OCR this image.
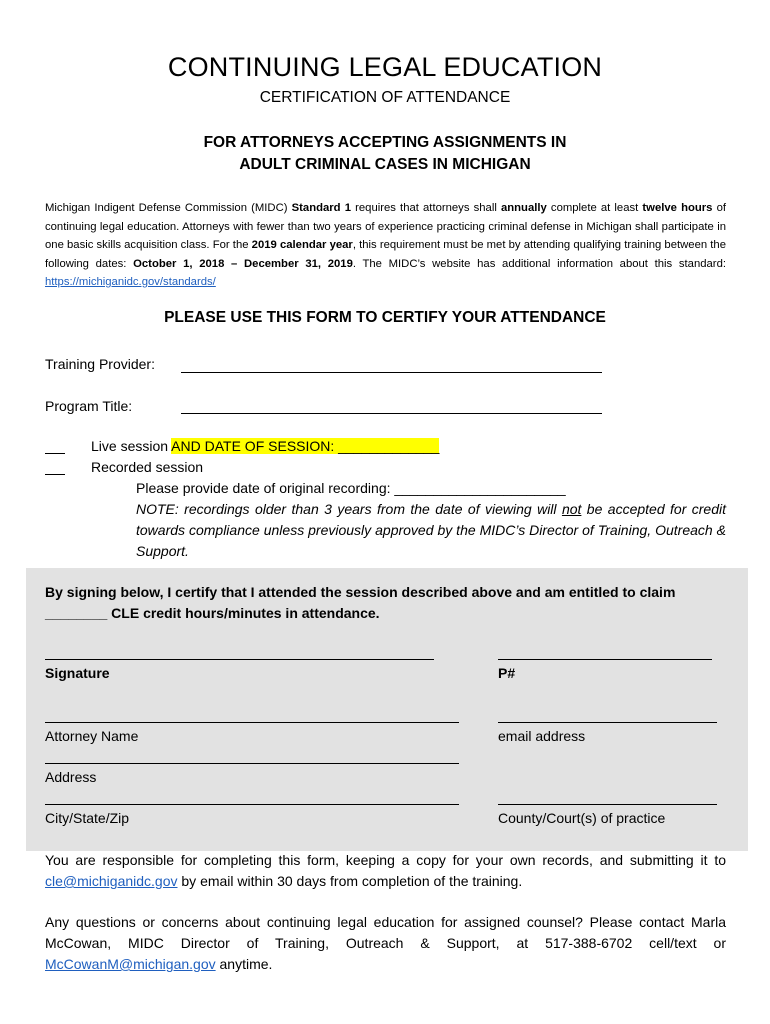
CONTINUING LEGAL EDUCATION
CERTIFICATION OF ATTENDANCE
FOR ATTORNEYS ACCEPTING ASSIGNMENTS IN
ADULT CRIMINAL CASES IN MICHIGAN
Michigan Indigent Defense Commission (MIDC) Standard 1 requires that attorneys shall annually complete at least twelve hours of continuing legal education. Attorneys with fewer than two years of experience practicing criminal defense in Michigan shall participate in one basic skills acquisition class. For the 2019 calendar year, this requirement must be met by attending qualifying training between the following dates: October 1, 2018 – December 31, 2019. The MIDC’s website has additional information about this standard: https://michiganidc.gov/standards/
PLEASE USE THIS FORM TO CERTIFY YOUR ATTENDANCE
Training Provider:
Program Title:
Live session AND DATE OF SESSION: _____________
Recorded session
Please provide date of original recording: ______________________
NOTE: recordings older than 3 years from the date of viewing will not be accepted for credit towards compliance unless previously approved by the MIDC’s Director of Training, Outreach & Support.
By signing below, I certify that I attended the session described above and am entitled to claim ________ CLE credit hours/minutes in attendance.
Signature	P#
Attorney Name	email address
Address
City/State/Zip	County/Court(s) of practice
You are responsible for completing this form, keeping a copy for your own records, and submitting it to cle@michiganidc.gov by email within 30 days from completion of the training.
Any questions or concerns about continuing legal education for assigned counsel? Please contact Marla McCowan, MIDC Director of Training, Outreach & Support, at 517-388-6702 cell/text or McCowanM@michigan.gov anytime.
